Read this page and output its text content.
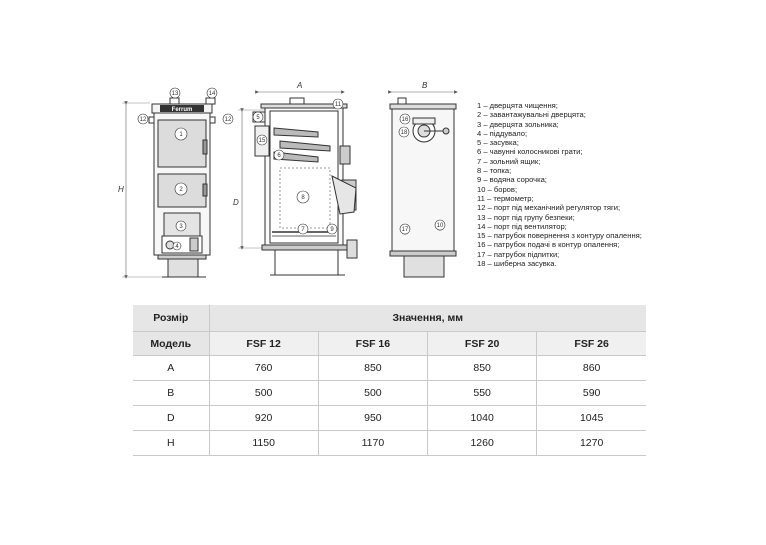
Ferrum
13	14
12	12
1
2
3
4
H
11
5
15
6
8
7	9
A
D
16
18
17
10
B
1 – дверцята чищення;
2 – завантажувальні дверцята;
3 – дверцята зольника;
4 – піддувало;
5 – засувка;
6 – чавунні колосникові грати;
7 – зольний ящик;
8 – топка;
9 – водяна сорочка;
10 – боров;
11 – термометр;
12 – порт під механічний регулятор тяги;
13 – порт під групу безпеки;
14 – порт під вентилятор;
15 – патрубок повернення з контуру опалення;
16 – патрубок подачі в контур опалення;
17 – патрубок підпитки;
18 – шиберна засувка.
Розмір	Значення, мм			
Модель	FSF 12	FSF 16	FSF 20	FSF 26
A	760	850	850	860
B	500	500	550	590
D	920	950	1040	1045
H	1150	1170	1260	1270
